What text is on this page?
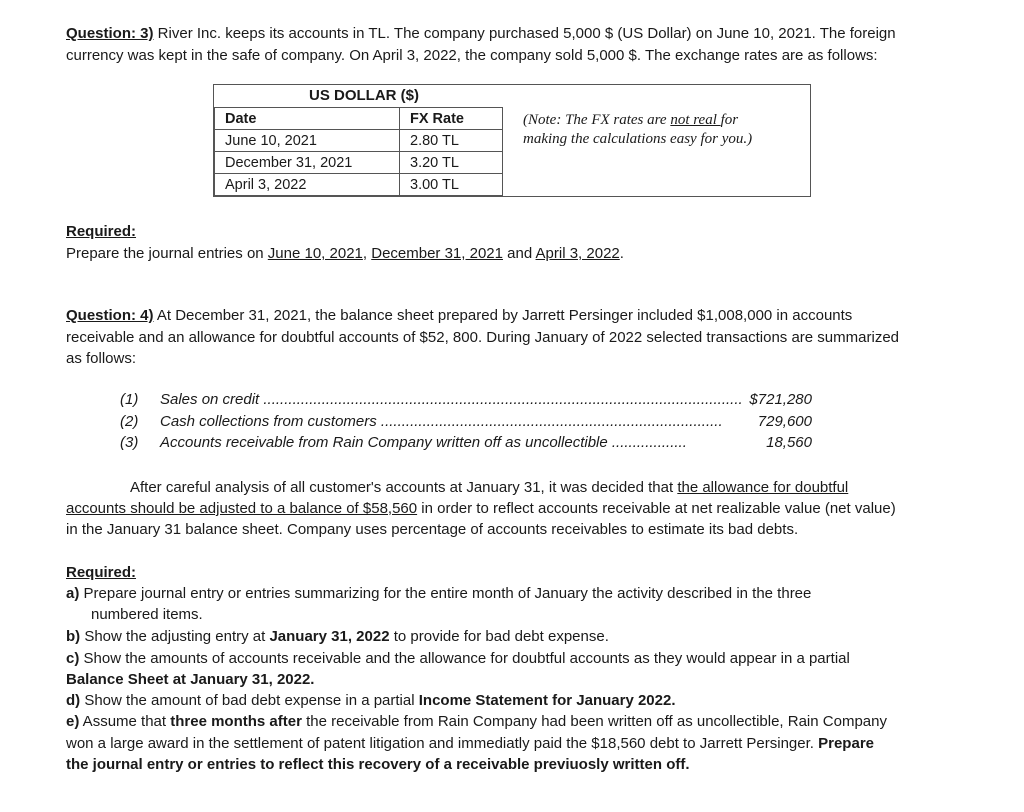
Question: 3) River Inc. keeps its accounts in TL. The company purchased 5,000 $ (US Dollar) on June 10, 2021. The foreign
currency was kept in the safe of company. On April 3, 2022, the company sold 5,000 $. The exchange rates are as follows:
US DOLLAR ($)
Date	FX Rate
June 10, 2021	2.80 TL
December 31, 2021	3.20 TL
April 3, 2022	3.00 TL
(Note: The FX rates are not real for
making the calculations easy for you.)
Required:
Prepare the journal entries on June 10, 2021, December 31, 2021 and April 3, 2022.
Question: 4) At December 31, 2021, the balance sheet prepared by Jarrett Persinger included $1,008,000 in accounts
receivable and an allowance for doubtful accounts of $52, 800. During January of 2022 selected transactions are summarized
as follows:
(1) Sales on credit ................................................................................................................... $721,280
(2) Cash collections from customers .................................................................................. 729,600
(3) Accounts receivable from Rain Company written off as uncollectible ..................	18,560
After careful analysis of all customer's accounts at January 31, it was decided that the allowance for doubtful
accounts should be adjusted to a balance of $58,560 in order to reflect accounts receivable at net realizable value (net value)
in the January 31 balance sheet. Company uses percentage of accounts receivables to estimate its bad debts.
Required:
a) Prepare journal entry or entries summarizing for the entire month of January the activity described in the three
numbered items.
b) Show the adjusting entry at January 31, 2022 to provide for bad debt expense.
c) Show the amounts of accounts receivable and the allowance for doubtful accounts as they would appear in a partial
Balance Sheet at January 31, 2022.
d) Show the amount of bad debt expense in a partial Income Statement for January 2022.
e) Assume that three months after the receivable from Rain Company had been written off as uncollectible, Rain Company
won a large award in the settlement of patent litigation and immediatly paid the $18,560 debt to Jarrett Persinger. Prepare
the journal entry or entries to reflect this recovery of a receivable previuosly written off.
